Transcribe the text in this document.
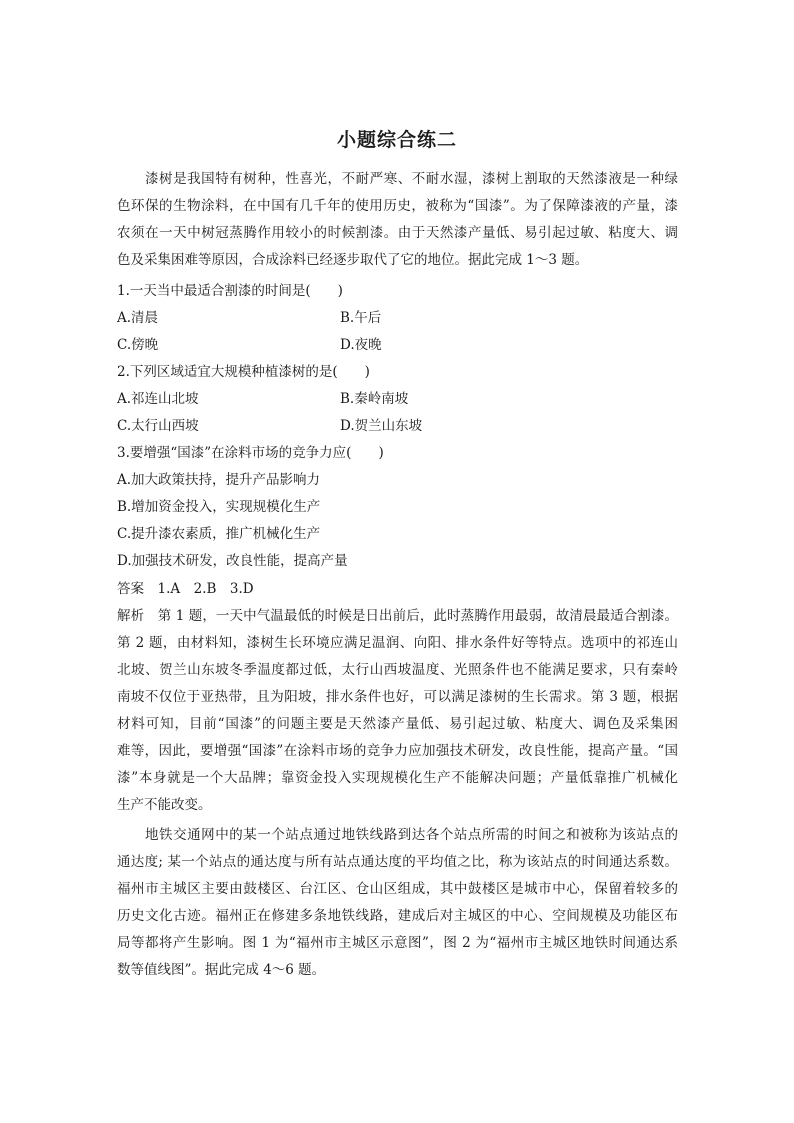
小题综合练二
漆树是我国特有树种，性喜光，不耐严寒、不耐水湿，漆树上割取的天然漆液是一种绿
色环保的生物涂料，在中国有几千年的使用历史，被称为“国漆”。为了保障漆液的产量，漆
农须在一天中树冠蒸腾作用较小的时候割漆。由于天然漆产量低、易引起过敏、粘度大、调
色及采集困难等原因，合成涂料已经逐步取代了它的地位。据此完成 1～3 题。
1.一天当中最适合割漆的时间是(　　)
A.清晨	B.午后
C.傍晚	D.夜晚
2.下列区域适宜大规模种植漆树的是(　　)
A.祁连山北坡	B.秦岭南坡
C.太行山西坡	D.贺兰山东坡
3.要增强“国漆”在涂料市场的竞争力应(　　)
A.加大政策扶持，提升产品影响力
B.增加资金投入，实现规模化生产
C.提升漆农素质，推广机械化生产
D.加强技术研发，改良性能，提高产量
答案　1.A　2.B　3.D
解析　第 1 题，一天中气温最低的时候是日出前后，此时蒸腾作用最弱，故清晨最适合割漆。
第 2 题，由材料知，漆树生长环境应满足温润、向阳、排水条件好等特点。选项中的祁连山
北坡、贺兰山东坡冬季温度都过低，太行山西坡温度、光照条件也不能满足要求，只有秦岭
南坡不仅位于亚热带，且为阳坡，排水条件也好，可以满足漆树的生长需求。第 3 题，根据
材料可知，目前“国漆”的问题主要是天然漆产量低、易引起过敏、粘度大、调色及采集困
难等，因此，要增强“国漆”在涂料市场的竞争力应加强技术研发，改良性能，提高产量。“国
漆”本身就是一个大品牌；靠资金投入实现规模化生产不能解决问题；产量低靠推广机械化
生产不能改变。
地铁交通网中的某一个站点通过地铁线路到达各个站点所需的时间之和被称为该站点的
通达度; 某一个站点的通达度与所有站点通达度的平均值之比，称为该站点的时间通达系数。
福州市主城区主要由鼓楼区、台江区、仓山区组成，其中鼓楼区是城市中心，保留着较多的
历史文化古迹。福州正在修建多条地铁线路，建成后对主城区的中心、空间规模及功能区布
局等都将产生影响。图 1 为“福州市主城区示意图”，图 2 为“福州市主城区地铁时间通达系
数等值线图”。据此完成 4～6 题。
